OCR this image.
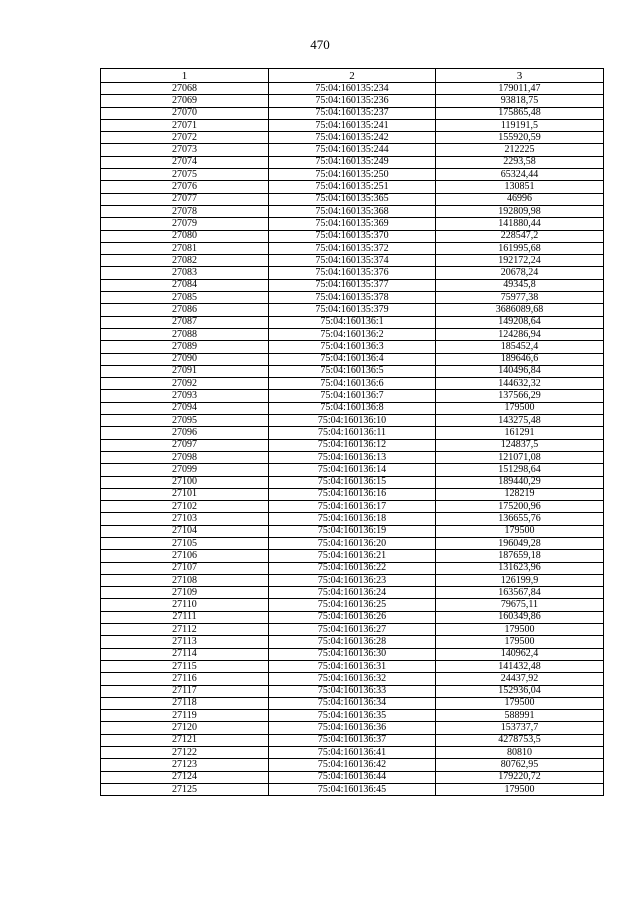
470
1	2	3
27068	75:04:160135:234	179011,47
27069	75:04:160135:236	93818,75
27070	75:04:160135:237	175865,48
27071	75:04:160135:241	119191,5
27072	75:04:160135:242	155920,59
27073	75:04:160135:244	212225
27074	75:04:160135:249	2293,58
27075	75:04:160135:250	65324,44
27076	75:04:160135:251	130851
27077	75:04:160135:365	46996
27078	75:04:160135:368	192809,98
27079	75:04:160135:369	141880,44
27080	75:04:160135:370	228547,2
27081	75:04:160135:372	161995,68
27082	75:04:160135:374	192172,24
27083	75:04:160135:376	20678,24
27084	75:04:160135:377	49345,8
27085	75:04:160135:378	75977,38
27086	75:04:160135:379	3686089,68
27087	75:04:160136:1	149208,64
27088	75:04:160136:2	124286,94
27089	75:04:160136:3	185452,4
27090	75:04:160136:4	189646,6
27091	75:04:160136:5	140496,84
27092	75:04:160136:6	144632,32
27093	75:04:160136:7	137566,29
27094	75:04:160136:8	179500
27095	75:04:160136:10	143275,48
27096	75:04:160136:11	161291
27097	75:04:160136:12	124837,5
27098	75:04:160136:13	121071,08
27099	75:04:160136:14	151298,64
27100	75:04:160136:15	189440,29
27101	75:04:160136:16	128219
27102	75:04:160136:17	175200,96
27103	75:04:160136:18	136655,76
27104	75:04:160136:19	179500
27105	75:04:160136:20	196049,28
27106	75:04:160136:21	187659,18
27107	75:04:160136:22	131623,96
27108	75:04:160136:23	126199,9
27109	75:04:160136:24	163567,84
27110	75:04:160136:25	79675,11
27111	75:04:160136:26	160349,86
27112	75:04:160136:27	179500
27113	75:04:160136:28	179500
27114	75:04:160136:30	140962,4
27115	75:04:160136:31	141432,48
27116	75:04:160136:32	24437,92
27117	75:04:160136:33	152936,04
27118	75:04:160136:34	179500
27119	75:04:160136:35	588991
27120	75:04:160136:36	153737,7
27121	75:04:160136:37	4278753,5
27122	75:04:160136:41	80810
27123	75:04:160136:42	80762,95
27124	75:04:160136:44	179220,72
27125	75:04:160136:45	179500
